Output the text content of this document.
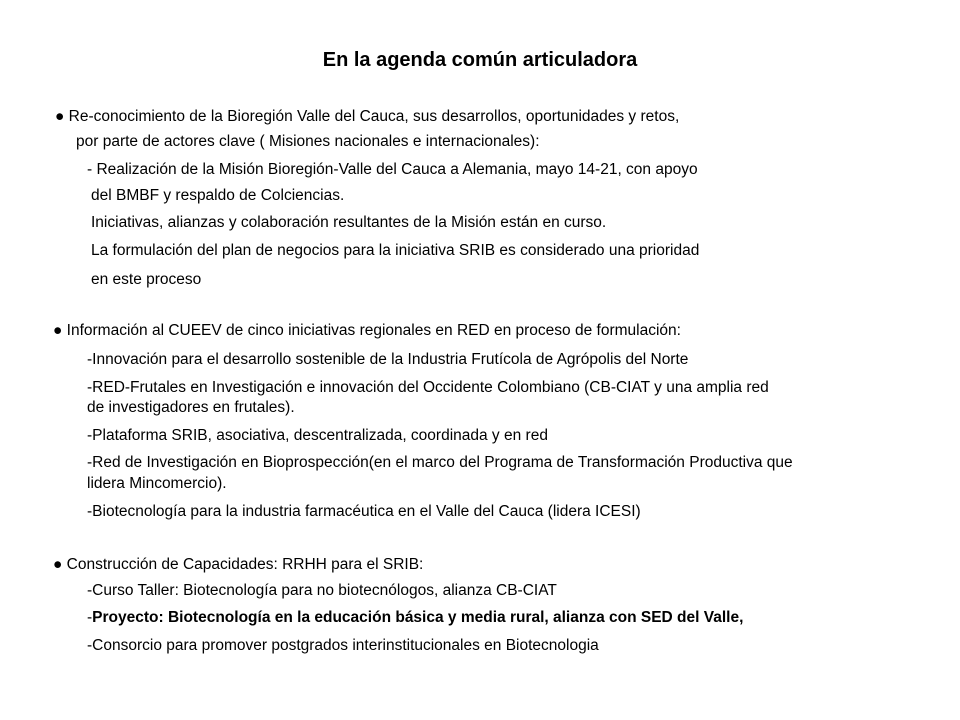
En la agenda común articuladora
● Re-conocimiento de la Bioregión Valle del Cauca, sus desarrollos, oportunidades y retos,
por parte de actores clave ( Misiones nacionales e internacionales):
- Realización de la Misión Bioregión-Valle del Cauca a Alemania, mayo 14-21, con apoyo
del BMBF y respaldo de Colciencias.
Iniciativas, alianzas y colaboración resultantes de la Misión están en curso.
La formulación del plan de negocios para la iniciativa SRIB es considerado una prioridad
en este proceso
● Información al CUEEV de cinco iniciativas regionales en RED en proceso de formulación:
-Innovación para el desarrollo sostenible de la Industria Frutícola de Agrópolis del Norte
-RED-Frutales en Investigación e innovación del Occidente Colombiano (CB-CIAT y una amplia red
de investigadores en frutales).
-Plataforma SRIB, asociativa, descentralizada, coordinada y en red
-Red de Investigación en Bioprospección(en el marco del Programa de Transformación Productiva que
lidera Mincomercio).
-Biotecnología para la industria farmacéutica en el Valle del Cauca (lidera ICESI)
● Construcción de Capacidades: RRHH para el SRIB:
-Curso Taller: Biotecnología para no biotecnólogos, alianza CB-CIAT
-Proyecto: Biotecnología en la educación básica y media rural, alianza con SED del Valle,
-Consorcio para promover postgrados interinstitucionales en Biotecnologia
